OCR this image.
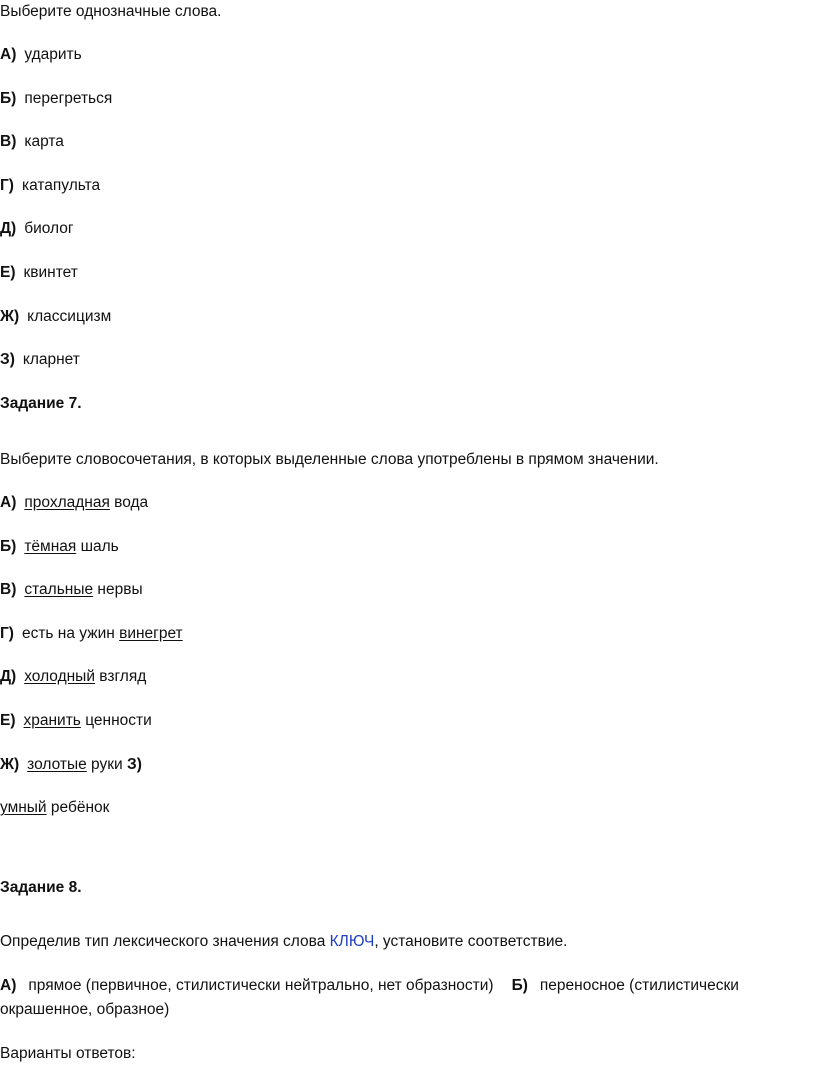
Выберите однозначные слова.
А) ударить
Б) перегреться
В) карта
Г) катапульта
Д) биолог
Е) квинтет
Ж) классицизм
З) кларнет
Задание 7.
Выберите словосочетания, в которых выделенные слова употреблены в прямом значении.
А) прохладная вода
Б) тёмная шаль
В) стальные нервы
Г) есть на ужин винегрет
Д) холодный взгляд
Е) хранить ценности
Ж) золотые руки З)
умный ребёнок
Задание 8.
Определив тип лексического значения слова КЛЮЧ, установите соответствие.
А) прямое (первичное, стилистически нейтрально, нет образности) Б) переносное (стилистически
окрашенное, образное)
Варианты ответов:
